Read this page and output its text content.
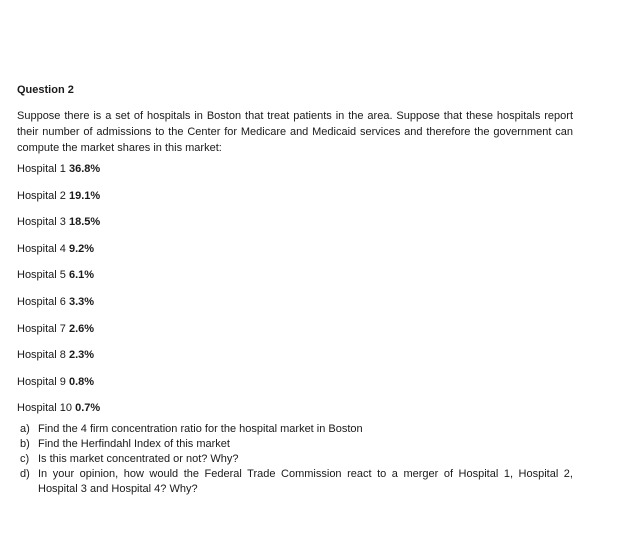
Question 2

Suppose there is a set of hospitals in Boston that treat patients in the area. Suppose that these hospitals report their number of admissions to the Center for Medicare and Medicaid services and therefore the government can compute the market shares in this market:

Hospital 1 36.8%
Hospital 2 19.1%
Hospital 3 18.5%
Hospital 4 9.2%
Hospital 5 6.1%
Hospital 6 3.3%
Hospital 7 2.6%
Hospital 8 2.3%
Hospital 9 0.8%
Hospital 10 0.7%
a) Find the 4 firm concentration ratio for the hospital market in Boston
b) Find the Herfindahl Index of this market
c) Is this market concentrated or not? Why?
d) In your opinion, how would the Federal Trade Commission react to a merger of Hospital 1, Hospital 2, Hospital 3 and Hospital 4? Why?
